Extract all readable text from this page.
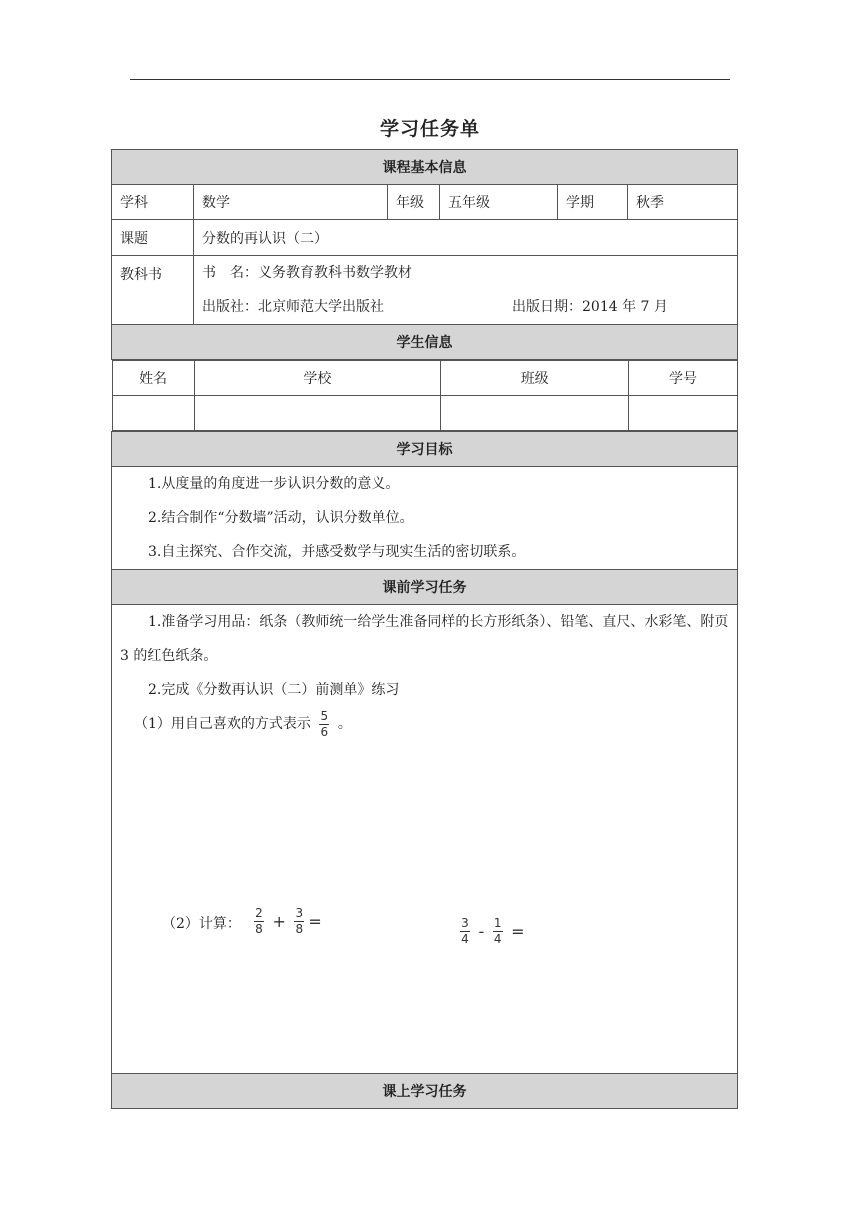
学习任务单
课程基本信息
学科	数学	年级	五年级	学期	秋季
课题	分数的再认识（二）
教科书	书　名：义务教育教科书数学教材
出版社：北京师范大学出版社	出版日期：2014 年 7 月

学生信息

姓名	学校	班级	学号

学习目标

1.从度量的角度进一步认识分数的意义。
2.结合制作“分数墙”活动，认识分数单位。
3.自主探究、合作交流，并感受数学与现实生活的密切联系。

课前学习任务

1.准备学习用品：纸条（教师统一给学生准备同样的长方形纸条）、铅笔、直尺、水彩笔、附页 3 的红色纸条。
2.完成《分数再认识（二）前测单》练习
（1）用自己喜欢的方式表示 $\frac{5}{6}$ 。
（2）计算： $\frac{2}{8} + \frac{3}{8}$ =	$\frac{3}{4} - \frac{1}{4}$ =

课上学习任务
